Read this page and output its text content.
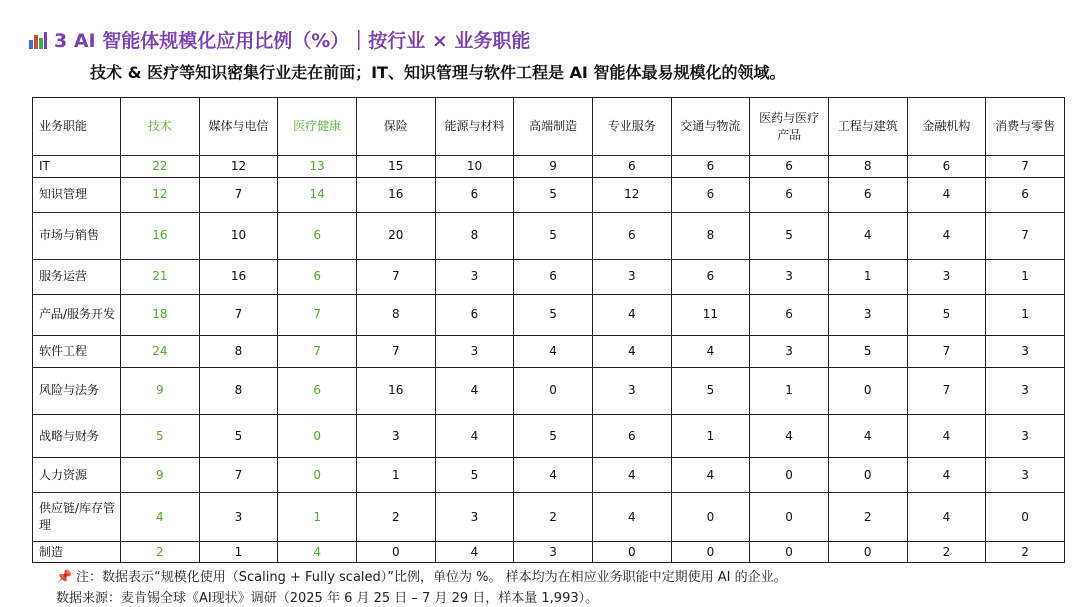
3 AI 智能体规模化应用比例（%）｜按行业 × 业务职能
技术 & 医疗等知识密集行业走在前面；IT、知识管理与软件工程是 AI 智能体最易规模化的领域。
业务职能	技术	媒体与电信	医疗健康	保险	能源与材料	高端制造	专业服务	交通与物流	医药与医疗产品	工程与建筑	金融机构	消费与零售
IT	22	12	13	15	10	9	6	6	6	8	6	7
知识管理	12	7	14	16	6	5	12	6	6	6	4	6
市场与销售	16	10	6	20	8	5	6	8	5	4	4	7
服务运营	21	16	6	7	3	6	3	6	3	1	3	1
产品/服务开发	18	7	7	8	6	5	4	11	6	3	5	1
软件工程	24	8	7	7	3	4	4	4	3	5	7	3
风险与法务	9	8	6	16	4	0	3	5	1	0	7	3
战略与财务	5	5	0	3	4	5	6	1	4	4	4	3
人力资源	9	7	0	1	5	4	4	4	0	0	4	3
供应链/库存管理	4	3	1	2	3	2	4	0	0	2	4	0
制造	2	1	4	0	4	3	0	0	0	0	2	2
📌 注：数据表示“规模化使用（Scaling + Fully scaled）”比例，单位为 %。 样本均为在相应业务职能中定期使用 AI 的企业。
数据来源：麦肯锡全球《AI现状》调研（2025 年 6 月 25 日 – 7 月 29 日，样本量 1,993）。
